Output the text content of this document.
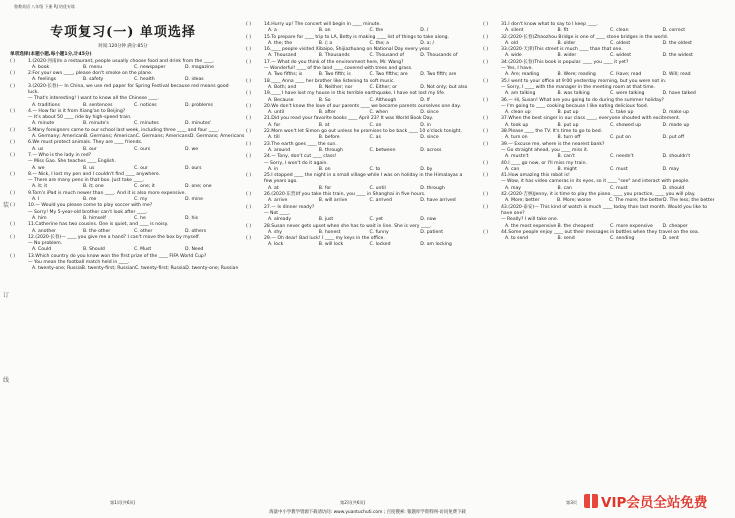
鲁教英语 八年级 下册 RJ 培优专练
装
订
线
专项复习(一) 单项选择
时间:120分钟 满分:85分
单项选择(本题小题,每小题1分,计45分)
( )	1.(2020·河南)In a restaurant, people usually choose food and drink from the ____.
A. book	B. menu	C. newspaper	D. magazine
( )	2.For your own ____, please don't smoke on the plane.
A. feelings	B. safety	C. health	D. ideas
( )	3.(2020·长春)— In China, we use red paper for Spring Festival because red means good luck.
— That's interesting! I want to know all the Chinese ____.
A. traditions	B. sentences	C. notices	D. problems
( )	4.— How far is it from Xiang'an to Beijing?
— It's about 50 ____ ride by high-speed train.
A. minute	B. minute's	C. minutes	D. minutes'
( )	5.Many foreigners came to our school last week, including three ____ and four ____.
A. Germany; American B. Germans; American C. Germans; Americans D. Germans; Americans
( )	6.We must protect animals. They are ____ friends.
A. us	B. our	C. ours	D. we
( )	7.— Who is the lady in red?
— Miss Gao. She teaches ____ English.
A. we	B. us	C. our	D. ours
( )	8.— Nick, I lost my pen and I couldn't find ____ anywhere.
— There are many pens in that box. Just take ____.
A. it; it	B. it; one	C. one; it	D. one; one
( )	9.Tom's iPad is much newer than ____. And it is also more expensive.
A. I	B. me	C. my	D. mine
( )	10.— Would you please come to play soccer with me?
— Sorry! My 5-year-old brother can't look after ____.
A. him	B. himself	C. he	D. his
( )	11.Catherine has two cousins. One is quiet, and ____ is noisy.
A. another	B. the other	C. other	D. others
( )	12.(2020·长春)— ____ you give me a hand? I can't move the box by myself.
— No problem.
A. Could	B. Should	C. Must	D. Need
( )	13.Which country do you know won the first prize of the ____ FIFA World Cup?
— You mean the football match held in ____.
A. twenty-one; Russia B. twenty-first; Russian C. twenty-first; Russia D. twenty-one; Russian
( )	14.Hurry up! The concert will begin in ____ minute.
A. a	B. an	C. the	D. /
( )	15.To prepare for ____ trip to LA, Betty is making ____ list of things to take along.
A. the; the	B. /; a	C. the; a	D. a; /
( )	16.____ people visited Xibaipo, Shijiazhuang on National Day every year.
A. Thousand	B. Thousands	C. Thousand of	D. Thousands of
( )	17.— What do you think of the environment here, Mr. Wang?
— Wonderful! ____ of the land ____ covered with trees and grass.
A. Two fifths; is	B. Two fifth; is	C. Two fifths; are	D. Two fifth; are
( )	18.____ Anna ____ her brother like listening to soft music.
A. Both; and	B. Neither; nor	C. Either; or	D. Not only; but also
( )	19.____ I have lost my house in this terrible earthquake, I have not lost my life.
A. Because	B. So	C. Although	D. If
( )	20.We don't know the love of our parents ____ we become parents ourselves one day.
A. until	B. after	C. when	D. since
( )	21.Did you read your favorite books ____ April 23? It was World Book Day.
A. for	B. at	C. on	D. in
( )	22.Mom won't let Simon go out unless he promises to be back ____ 10 o'clock tonight.
A. till	B. before	C. as	D. since
( )	23.The earth goes ____ the sun.
A. around	B. through	C. between	D. across
( )	24.— Tony, don't cut ____ class!
— Sorry, I won't do it again.
A. in	B. on	C. to	D. by
( )	25.I stopped ____ the night in a small village while I was on holiday in the Himalayas a few years ago.
A. at	B. for	C. until	D. through
( )	26.(2020·东营)If you take this train, you ____ in Shanghai in five hours.
A. arrive	B. will arrive	C. arrived	D. have arrived
( )	27.— Is dinner ready?
— Not ____.
A. already	B. just	C. yet	D. now
( )	28.Susan never gets upset when she has to wait in line. She is very ____.
A. shy	B. honest	C. funny	D. patient
( )	29.— Oh dear! Bad luck! I ____ my keys in the office.
A. lock	B. will lock	C. locked	D. am locking
( )	31.I don't know what to say to I keep ____.
A. silent	B. fit	C. clean	D. correct
( )	32.(2020·长春)Zhaozhou Bridge is one of ____ stone bridges in the world.
A. old	B. older	C. oldest	D. the oldest
( )	33.(2020·天津)This street is much ____ than that one.
A. wide	B. wider	C. widest	D. the widest
( )	34.(2020·长春)This book is popular. ____ you ____ it yet?
— Yes, I have.
A. Are; reading	B. Were; reading	C. Have; read	D. Will; read
( )	35.I went to your office at 9:00 yesterday morning, but you were not in.
— Sorry, I ____ with the manager in the meeting room at that time.
A. am talking	B. was talking	C. were talking	D. have talked
( )	36.— Hi, Susan! What are you going to do during the summer holiday?
— I'm going to ____ cooking because I like eating delicious food.
A. clean up	B. put up	C. take up	D. make up
( )	37.When the best singer in our class ____, everyone shouted with excitement.
A. took up	B. put up	C. showed up	D. made up
( )	38.Please ____ the TV. It's time to go to bed.
A. turn on	B. turn off	C. put on	D. put off
( )	39.— Excuse me, where is the nearest bank?
— Go straight ahead, you ____ miss it.
A. mustn't	B. can't	C. needn't	D. shouldn't
( )	40.I ____ go now, or I'll miss my train.
A. can	B. might	C. must	D. may
( )	41.How amazing this robot is!
— Wow, it has video cameras in its eyes, so it ____ "see" and interact with people.
A. may	B. can	C. must	D. should
( )	42.(2020·吉林)Jenny, it is time to play the piano. ____ you practice, ____ you will play.
A. More; better	B. More; worse	C. The more; the better D. The less; the better
( )	43.(2020·泰安)— This kind of watch is much ____ today than last month. Would you like to have one?
— Really? I will take one.
A. the most expensive B. the cheapest	C. more expensive	D. cheaper
( )	44.Some people enjoy ____ out their messages in bottles when they travel on the sea.
A. to send	B. send	C. sending	D. sent
第1页(共6页)	第2页(共6页)	第3页
海量中小学教学资源下载请访问: www.yuantuchuti.com ; 百度搜索: 猿题库学资料网-访问免费下载
VIP会员全站免费
